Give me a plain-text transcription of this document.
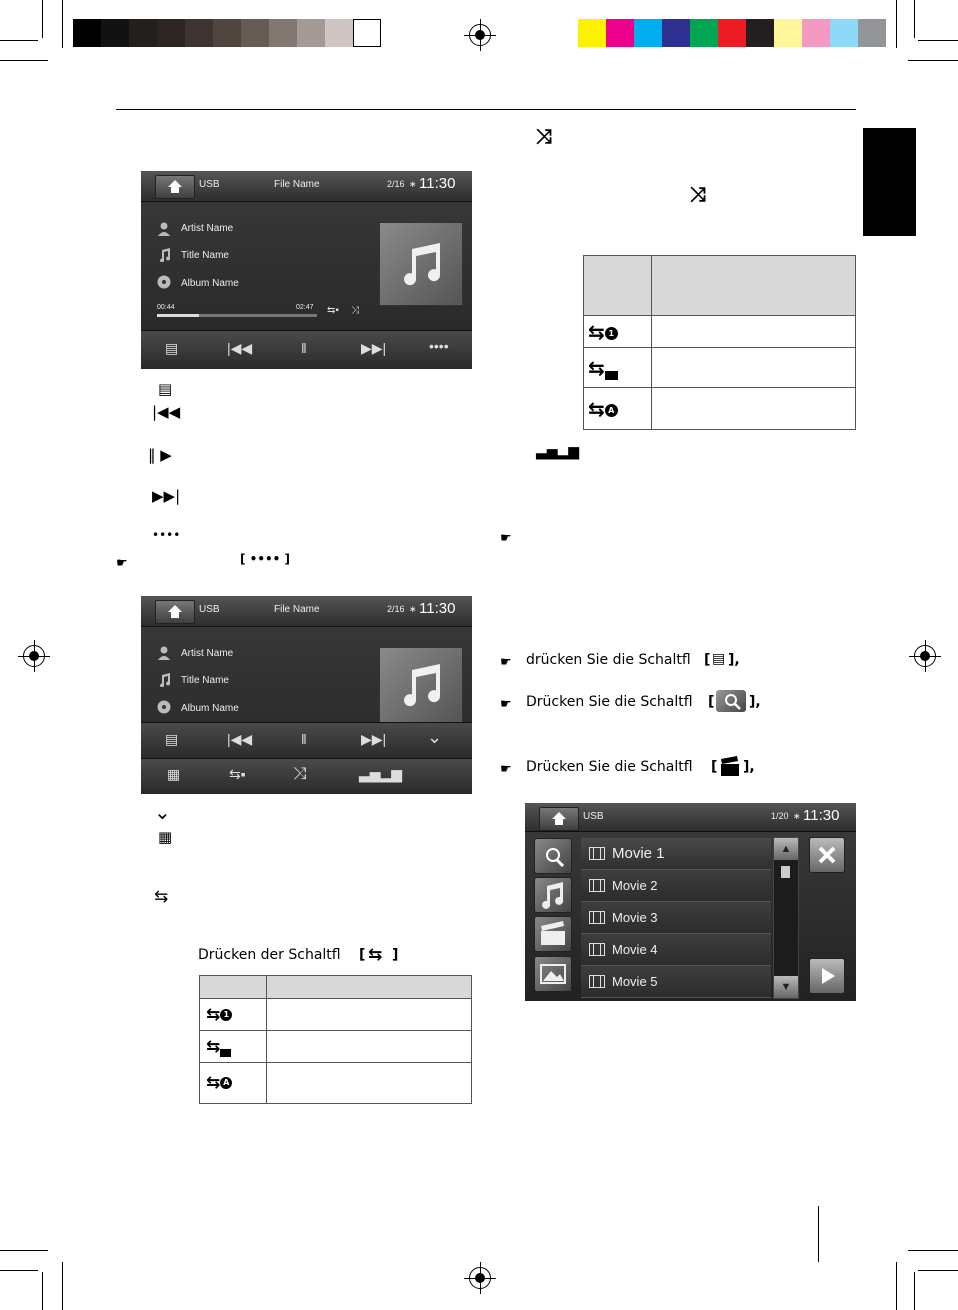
USB	File Name	2/16 ∗ 11:30
Artist Name
Title Name
Album Name
00:44	02:47 ⇆▪ ⤨
▤	|◀◀	‖	▶▶|	••••
▤
|◀◀
‖ ▶
▶▶|
••••
☛	[ •••• ]
USB	File Name	2/16 ∗ 11:30
Artist Name
Title Name
Album Name
▤	|◀◀	‖	▶▶| ⌄
▦	⇆▪	⤨	▃▅▂▆
⌄
▦
⇆
Drücken der Schaltfl [ ⇆ ]

⇆ 1	
⇆	
⇆ A	
⤨
⤨

⇆ 1	
⇆	
⇆ A	
▃▅▂▆
☛
☛ drücken Sie die Schaltfl [ ▤ ],
☛ Drücken Sie die Schaltfl [ ],
☛ Drücken Sie die Schaltfl [ ],
USB	1/20 ∗ 11:30
Movie 1
Movie 2
Movie 3
Movie 4
Movie 5
▲
▼
